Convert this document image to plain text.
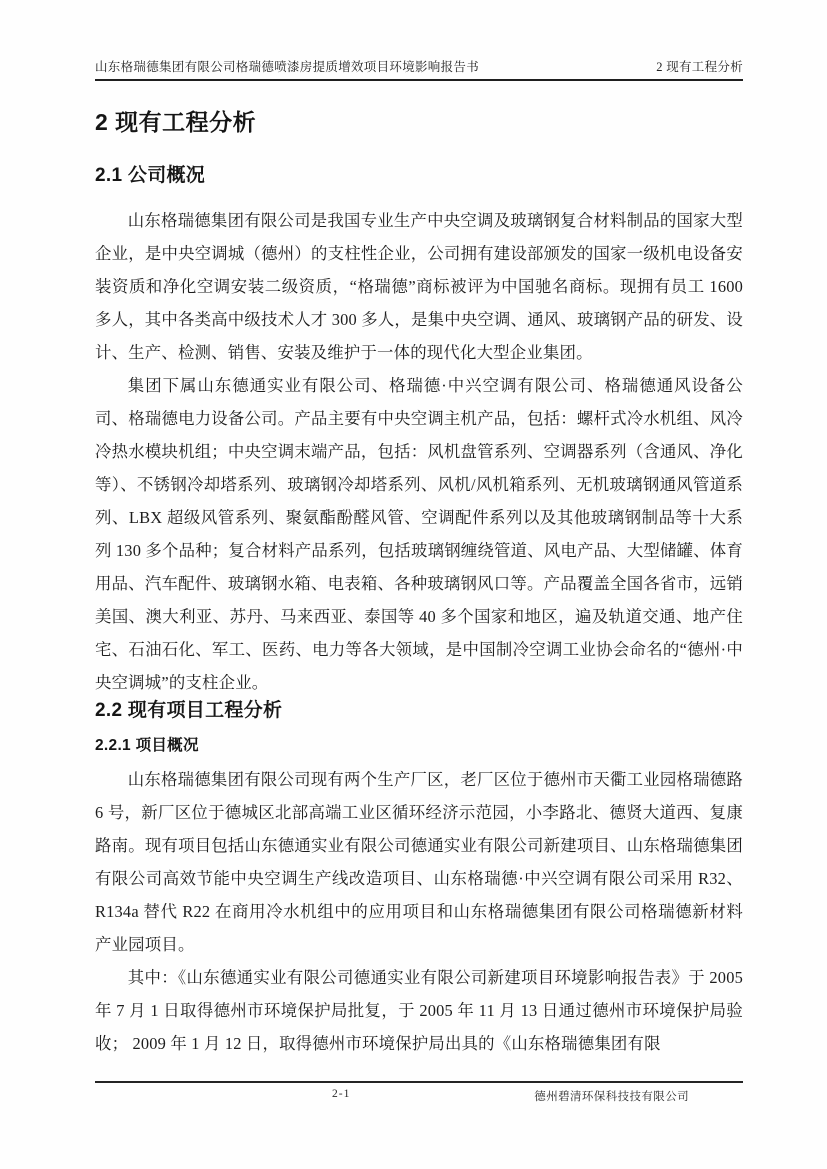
山东格瑞德集团有限公司格瑞德喷漆房提质增效项目环境影响报告书	2 现有工程分析
2 现有工程分析
2.1 公司概况

山东格瑞德集团有限公司是我国专业生产中央空调及玻璃钢复合材料制品的国家大型企业，是中央空调城（德州）的支柱性企业，公司拥有建设部颁发的国家一级机电设备安装资质和净化空调安装二级资质，“格瑞德”商标被评为中国驰名商标。现拥有员工 1600 多人，其中各类高中级技术人才 300 多人，是集中央空调、通风、玻璃钢产品的研发、设计、生产、检测、销售、安装及维护于一体的现代化大型企业集团。

集团下属山东德通实业有限公司、格瑞德·中兴空调有限公司、格瑞德通风设备公司、格瑞德电力设备公司。产品主要有中央空调主机产品，包括：螺杆式冷水机组、风冷冷热水模块机组；中央空调末端产品，包括：风机盘管系列、空调器系列（含通风、净化等）、不锈钢冷却塔系列、玻璃钢冷却塔系列、风机/风机箱系列、无机玻璃钢通风管道系列、LBX 超级风管系列、聚氨酯酚醛风管、空调配件系列以及其他玻璃钢制品等十大系列 130 多个品种；复合材料产品系列，包括玻璃钢缠绕管道、风电产品、大型储罐、体育用品、汽车配件、玻璃钢水箱、电表箱、各种玻璃钢风口等。产品覆盖全国各省市，远销美国、澳大利亚、苏丹、马来西亚、泰国等 40 多个国家和地区，遍及轨道交通、地产住宅、石油石化、军工、医药、电力等各大领域，是中国制冷空调工业协会命名的“德州·中央空调城”的支柱企业。

2.2 现有项目工程分析
2.2.1 项目概况

山东格瑞德集团有限公司现有两个生产厂区，老厂区位于德州市天衢工业园格瑞德路 6 号，新厂区位于德城区北部高端工业区循环经济示范园，小李路北、德贤大道西、复康路南。现有项目包括山东德通实业有限公司德通实业有限公司新建项目、山东格瑞德集团有限公司高效节能中央空调生产线改造项目、山东格瑞德·中兴空调有限公司采用 R32、R134a 替代 R22 在商用冷水机组中的应用项目和山东格瑞德集团有限公司格瑞德新材料产业园项目。

其中：《山东德通实业有限公司德通实业有限公司新建项目环境影响报告表》于 2005 年 7 月 1 日取得德州市环境保护局批复，于 2005 年 11 月 13 日通过德州市环境保护局验收； 2009 年 1 月 12 日，取得德州市环境保护局出具的《山东格瑞德集团有限

2-1	德州碧清环保科技技有限公司
